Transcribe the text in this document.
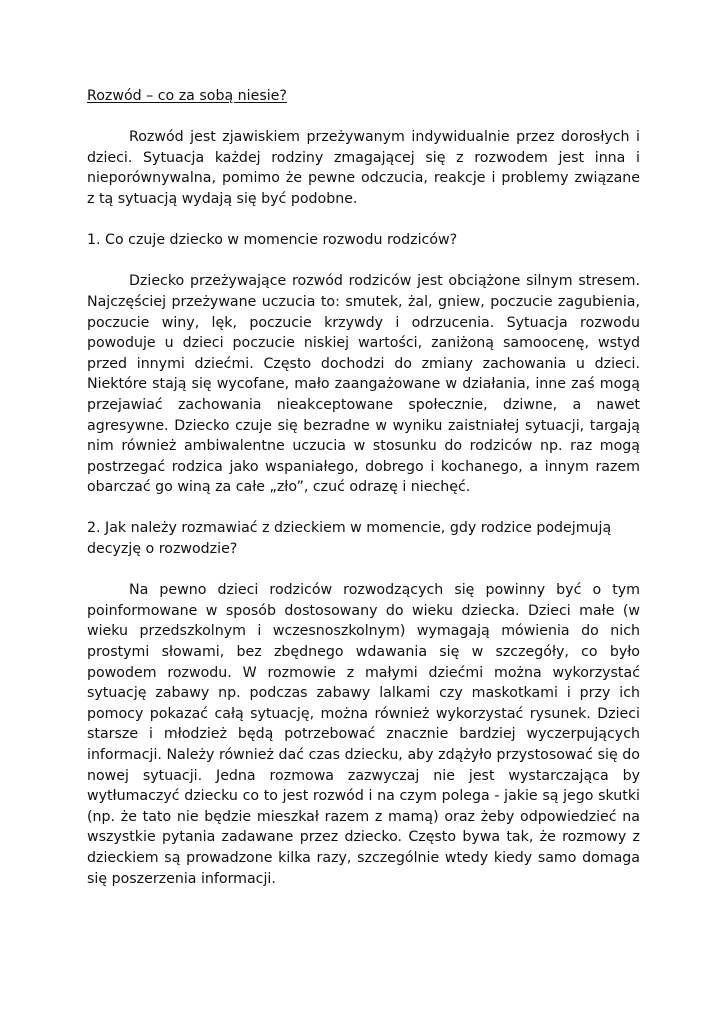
Rozwód – co za sobą niesie?

Rozwód jest zjawiskiem przeżywanym indywidualnie przez dorosłych i dzieci. Sytuacja każdej rodziny zmagającej się z rozwodem jest inna i nieporównywalna, pomimo że pewne odczucia, reakcje i problemy związane z tą sytuacją wydają się być podobne.

1. Co czuje dziecko w momencie rozwodu rodziców?

Dziecko przeżywające rozwód rodziców jest obciążone silnym stresem. Najczęściej przeżywane uczucia to: smutek, żal, gniew, poczucie zagubienia, poczucie winy, lęk, poczucie krzywdy i odrzucenia. Sytuacja rozwodu powoduje u dzieci poczucie niskiej wartości, zaniżoną samoocenę, wstyd przed innymi dziećmi. Często dochodzi do zmiany zachowania u dzieci. Niektóre stają się wycofane, mało zaangażowane w działania, inne zaś mogą przejawiać zachowania nieakceptowane społecznie, dziwne, a nawet agresywne. Dziecko czuje się bezradne w wyniku zaistniałej sytuacji, targają nim również ambiwalentne uczucia w stosunku do rodziców np. raz mogą postrzegać rodzica jako wspaniałego, dobrego i kochanego, a innym razem obarczać go winą za całe „zło”, czuć odrazę i niechęć.

2. Jak należy rozmawiać z dzieckiem w momencie, gdy rodzice podejmują decyzję o rozwodzie?

Na pewno dzieci rodziców rozwodzących się powinny być o tym poinformowane w sposób dostosowany do wieku dziecka. Dzieci małe (w wieku przedszkolnym i wczesnoszkolnym) wymagają mówienia do nich prostymi słowami, bez zbędnego wdawania się w szczegóły, co było powodem rozwodu. W rozmowie z małymi dziećmi można wykorzystać sytuację zabawy np. podczas zabawy lalkami czy maskotkami i przy ich pomocy pokazać całą sytuację, można również wykorzystać rysunek. Dzieci starsze i młodzież będą potrzebować znacznie bardziej wyczerpujących informacji. Należy również dać czas dziecku, aby zdążyło przystosować się do nowej sytuacji. Jedna rozmowa zazwyczaj nie jest wystarczająca by wytłumaczyć dziecku co to jest rozwód i na czym polega - jakie są jego skutki (np. że tato nie będzie mieszkał razem z mamą) oraz żeby odpowiedzieć na wszystkie pytania zadawane przez dziecko. Często bywa tak, że rozmowy z dzieckiem są prowadzone kilka razy, szczególnie wtedy kiedy samo domaga się poszerzenia informacji.
